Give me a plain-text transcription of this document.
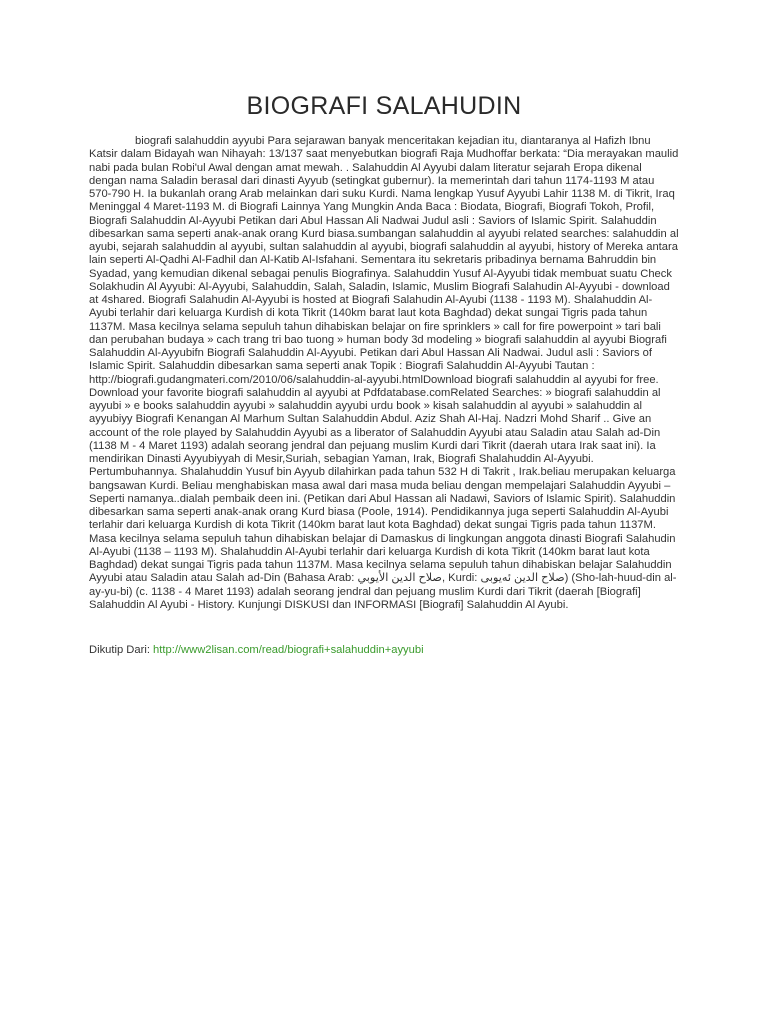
BIOGRAFI SALAHUDIN

biografi salahuddin ayyubi Para sejarawan banyak menceritakan kejadian itu, diantaranya al Hafizh Ibnu Katsir dalam Bidayah wan Nihayah: 13/137 saat menyebutkan biografi Raja Mudhoffar berkata: “Dia merayakan maulid nabi pada bulan Robi'ul Awal dengan amat mewah. . Salahuddin Al Ayyubi dalam literatur sejarah Eropa dikenal dengan nama Saladin berasal dari dinasti Ayyub (setingkat gubernur). Ia memerintah dari tahun 1174-1193 M atau 570-790 H. Ia bukanlah orang Arab melainkan dari suku Kurdi. Nama lengkap Yusuf Ayyubi Lahir 1138 M. di Tikrit, Iraq Meninggal 4 Maret-1193 M. di Biografi Lainnya Yang Mungkin Anda Baca : Biodata, Biografi, Biografi Tokoh, Profil, Biografi Salahuddin Al-Ayyubi Petikan dari Abul Hassan Ali Nadwai Judul asli : Saviors of Islamic Spirit. Salahuddin dibesarkan sama seperti anak-anak orang Kurd biasa.sumbangan salahuddin al ayyubi related searches: salahuddin al ayubi, sejarah salahuddin al ayyubi, sultan salahuddin al ayyubi, biografi salahuddin al ayyubi, history of Mereka antara lain seperti Al-Qadhi Al-Fadhil dan Al-Katib Al-Isfahani. Sementara itu sekretaris pribadinya bernama Bahruddin bin Syadad, yang kemudian dikenal sebagai penulis Biografinya. Salahuddin Yusuf Al-Ayyubi tidak membuat suatu Check Solakhudin Al Ayyubi: Al-Ayyubi, Salahuddin, Salah, Saladin, Islamic, Muslim Biografi Salahudin Al-Ayyubi - download at 4shared. Biografi Salahudin Al-Ayyubi is hosted at Biografi Salahudin Al-Ayubi (1138 - 1193 M). Shalahuddin Al-Ayubi terlahir dari keluarga Kurdish di kota Tikrit (140km barat laut kota Baghdad) dekat sungai Tigris pada tahun 1137M. Masa kecilnya selama sepuluh tahun dihabiskan belajar on fire sprinklers » call for fire powerpoint » tari bali dan perubahan budaya » cach trang tri bao tuong » human body 3d modeling » biografi salahuddin al ayyubi Biografi Salahuddin Al-Ayyubifn Biografi Salahuddin Al-Ayyubi. Petikan dari Abul Hassan Ali Nadwai. Judul asli : Saviors of Islamic Spirit. Salahuddin dibesarkan sama seperti anak Topik : Biografi Salahuddin Al-Ayyubi Tautan : http://biografi.gudangmateri.com/2010/06/salahuddin-al-ayyubi.htmlDownload biografi salahuddin al ayyubi for free. Download your favorite biografi salahuddin al ayyubi at Pdfdatabase.comRelated Searches: » biografi salahuddin al ayyubi » e books salahuddin ayyubi » salahuddin ayyubi urdu book » kisah salahuddin al ayyubi » salahuddin al ayyubiyy Biografi Kenangan Al Marhum Sultan Salahuddin Abdul. Aziz Shah Al-Haj. Nadzri Mohd Sharif .. Give an account of the role played by Salahuddin Ayyubi as a liberator of Salahuddin Ayyubi atau Saladin atau Salah ad-Din (1138 M - 4 Maret 1193) adalah seorang jendral dan pejuang muslim Kurdi dari Tikrit (daerah utara Irak saat ini). Ia mendirikan Dinasti Ayyubiyyah di Mesir,Suriah, sebagian Yaman, Irak, Biografi Shalahuddin Al-Ayyubi. Pertumbuhannya. Shalahuddin Yusuf bin Ayyub dilahirkan pada tahun 532 H di Takrit , Irak.beliau merupakan keluarga bangsawan Kurdi. Beliau menghabiskan masa awal dari masa muda beliau dengan mempelajari Salahuddin Ayyubi – Seperti namanya..dialah pembaik deen ini. (Petikan dari Abul Hassan ali Nadawi, Saviors of Islamic Spirit). Salahuddin dibesarkan sama seperti anak-anak orang Kurd biasa (Poole, 1914). Pendidikannya juga seperti Salahuddin Al-Ayubi terlahir dari keluarga Kurdish di kota Tikrit (140km barat laut kota Baghdad) dekat sungai Tigris pada tahun 1137M. Masa kecilnya selama sepuluh tahun dihabiskan belajar di Damaskus di lingkungan anggota dinasti Biografi Salahudin Al-Ayubi (1138 – 1193 M). Shalahuddin Al-Ayubi terlahir dari keluarga Kurdish di kota Tikrit (140km barat laut kota Baghdad) dekat sungai Tigris pada tahun 1137M. Masa kecilnya selama sepuluh tahun dihabiskan belajar Salahuddin Ayyubi atau Saladin atau Salah ad-Din (Bahasa Arab: صلاح الدين الأيوبي, Kurdi: صلاح الدین ئەیوبی) (Sho-lah-huud-din al-ay-yu-bi) (c. 1138 - 4 Maret 1193) adalah seorang jendral dan pejuang muslim Kurdi dari Tikrit (daerah [Biografi] Salahuddin Al Ayubi - History. Kunjungi DISKUSI dan INFORMASI [Biografi] Salahuddin Al Ayubi.

Dikutip Dari: http://www2lisan.com/read/biografi+salahuddin+ayyubi
